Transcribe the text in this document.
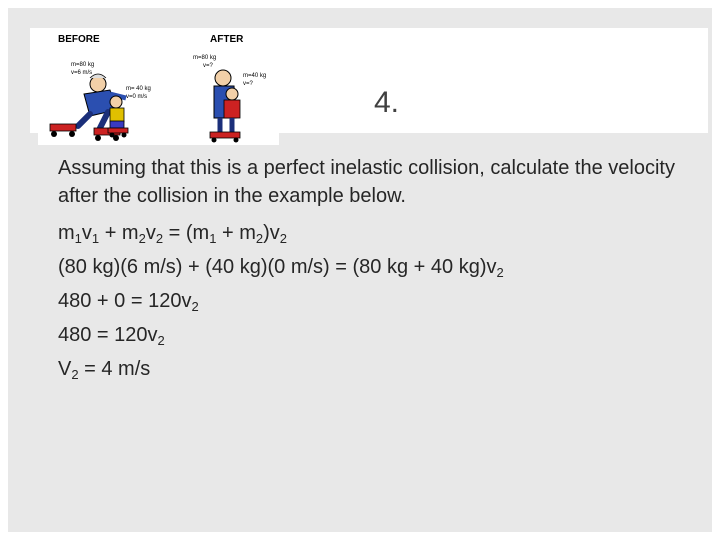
4.
BEFORE	AFTER
m=80 kg
v=6 m/s
m= 40 kg
v=0 m/s
m=80 kg
v=?
m=40 kg
v=?
Assuming that this is a perfect inelastic collision, calculate the velocity after the collision in the example below.
$m_1v_1 + m_2v_2 = (m_1 + m_2)v_2$
(80 kg)(6 m/s) + (40 kg)(0 m/s) = (80 kg + 40 $kg)v_2$
$480 + 0 = 120v_2$
$480 = 120v_2$
$V_2 = 4$ m/s
